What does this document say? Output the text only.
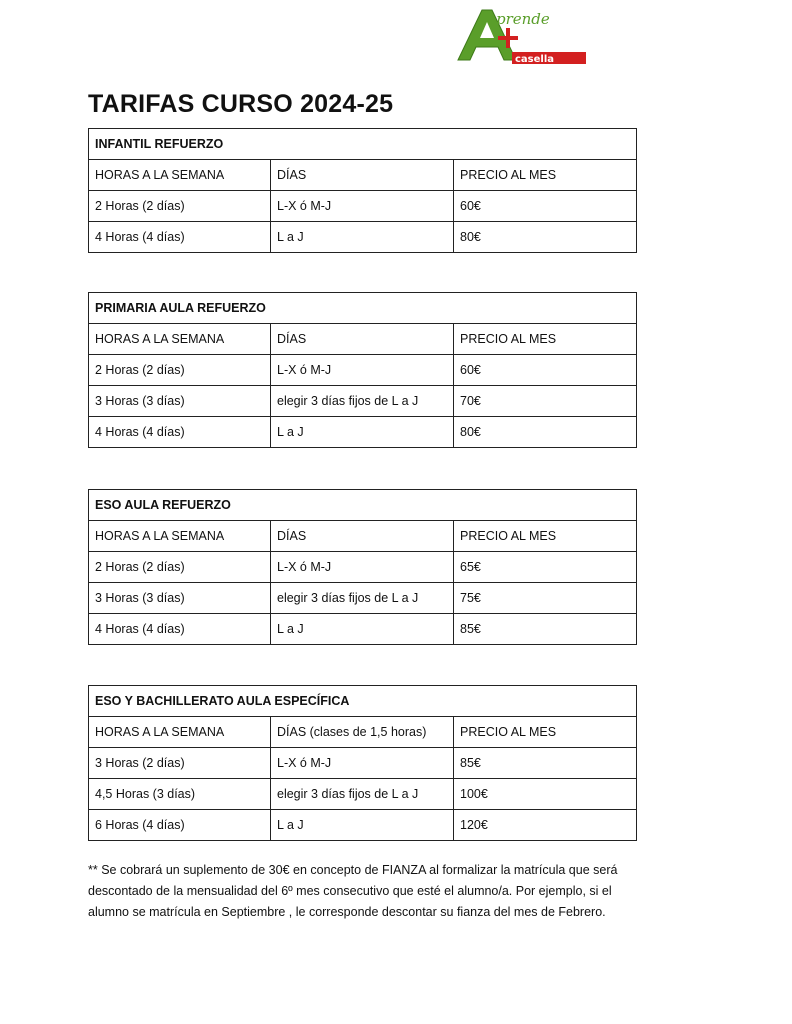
prende
casella
TARIFAS CURSO 2024-25
INFANTIL REFUERZO		
HORAS A LA SEMANA	DÍAS	PRECIO AL MES
2 Horas (2 días)	L-X ó M-J	60€
4 Horas (4 días)	L a J	80€
PRIMARIA AULA REFUERZO		
HORAS A LA SEMANA	DÍAS	PRECIO AL MES
2 Horas (2 días)	L-X ó M-J	60€
3 Horas (3 días)	elegir 3 días fijos de L a J	70€
4 Horas (4 días)	L a J	80€
ESO AULA REFUERZO		
HORAS A LA SEMANA	DÍAS	PRECIO AL MES
2 Horas (2 días)	L-X ó M-J	65€
3 Horas (3 días)	elegir 3 días fijos de L a J	75€
4 Horas (4 días)	L a J	85€
ESO Y BACHILLERATO AULA ESPECÍFICA		
HORAS A LA SEMANA	DÍAS (clases de 1,5 horas)	PRECIO AL MES
3 Horas (2 días)	L-X ó M-J	85€
4,5 Horas (3 días)	elegir 3 días fijos de L a J	100€
6 Horas (4 días)	L a J	120€

** Se cobrará un suplemento de 30€ en concepto de FIANZA al formalizar la matrícula que será descontado de la mensualidad del 6º mes consecutivo que esté el alumno/a. Por ejemplo, si el alumno se matrícula en Septiembre , le corresponde descontar su fianza del mes de Febrero.
